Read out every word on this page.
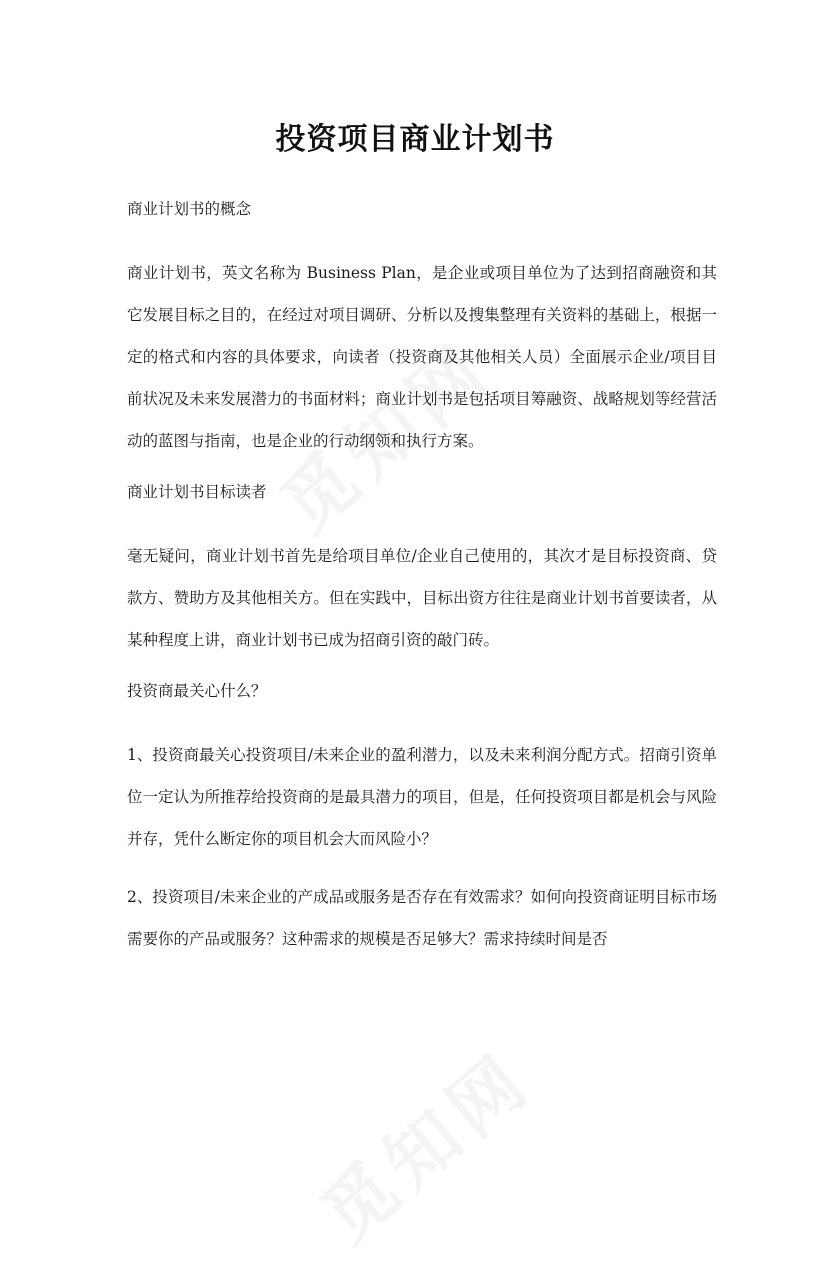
投资项目商业计划书

商业计划书的概念

商业计划书，英文名称为 Business Plan，是企业或项目单位为了达到招商融资和其它发展目标之目的，在经过对项目调研、分析以及搜集整理有关资料的基础上，根据一定的格式和内容的具体要求，向读者（投资商及其他相关人员）全面展示企业/项目目前状况及未来发展潜力的书面材料；商业计划书是包括项目筹融资、战略规划等经营活动的蓝图与指南，也是企业的行动纲领和执行方案。

商业计划书目标读者

毫无疑问，商业计划书首先是给项目单位/企业自己使用的，其次才是目标投资商、贷款方、赞助方及其他相关方。但在实践中，目标出资方往往是商业计划书首要读者，从某种程度上讲，商业计划书已成为招商引资的敲门砖。

投资商最关心什么？

1、投资商最关心投资项目/未来企业的盈利潜力，以及未来利润分配方式。招商引资单位一定认为所推荐给投资商的是最具潜力的项目，但是，任何投资项目都是机会与风险并存，凭什么断定你的项目机会大而风险小？

2、投资项目/未来企业的产成品或服务是否存在有效需求？如何向投资商证明目标市场需要你的产品或服务？这种需求的规模是否足够大？需求持续时间是否
